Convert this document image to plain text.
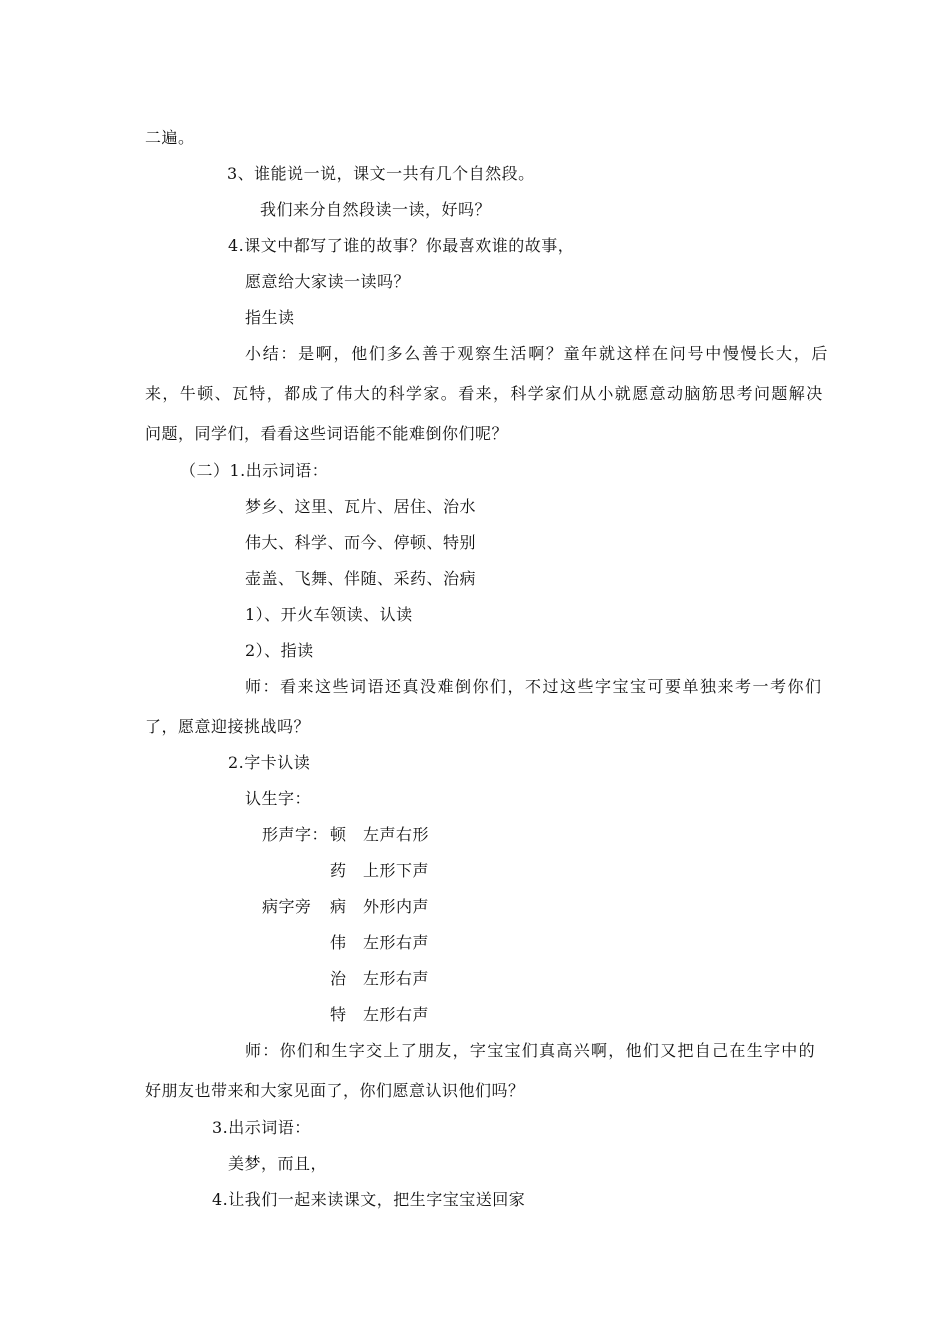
二遍。
3、谁能说一说，课文一共有几个自然段。
我们来分自然段读一读，好吗？
4.课文中都写了谁的故事？你最喜欢谁的故事，
愿意给大家读一读吗？
指生读
小结：是啊，他们多么善于观察生活啊？童年就这样在问号中慢慢长大，后
来，牛顿、瓦特，都成了伟大的科学家。看来，科学家们从小就愿意动脑筋思考问题解决
问题，同学们，看看这些词语能不能难倒你们呢？
（二）1.出示词语：
梦乡、这里、瓦片、居住、治水
伟大、科学、而今、停顿、特别
壶盖、飞舞、伴随、采药、治病
1）、开火车领读、认读
2）、指读
师：看来这些词语还真没难倒你们，不过这些字宝宝可要单独来考一考你们
了，愿意迎接挑战吗？
2.字卡认读
认生字：
形声字： 顿 左声右形
药 上形下声
病字旁 病 外形内声
伟 左形右声
治 左形右声
特 左形右声
师：你们和生字交上了朋友，字宝宝们真高兴啊，他们又把自己在生字中的
好朋友也带来和大家见面了，你们愿意认识他们吗？
3.出示词语：
美梦，而且，
4.让我们一起来读课文，把生字宝宝送回家
